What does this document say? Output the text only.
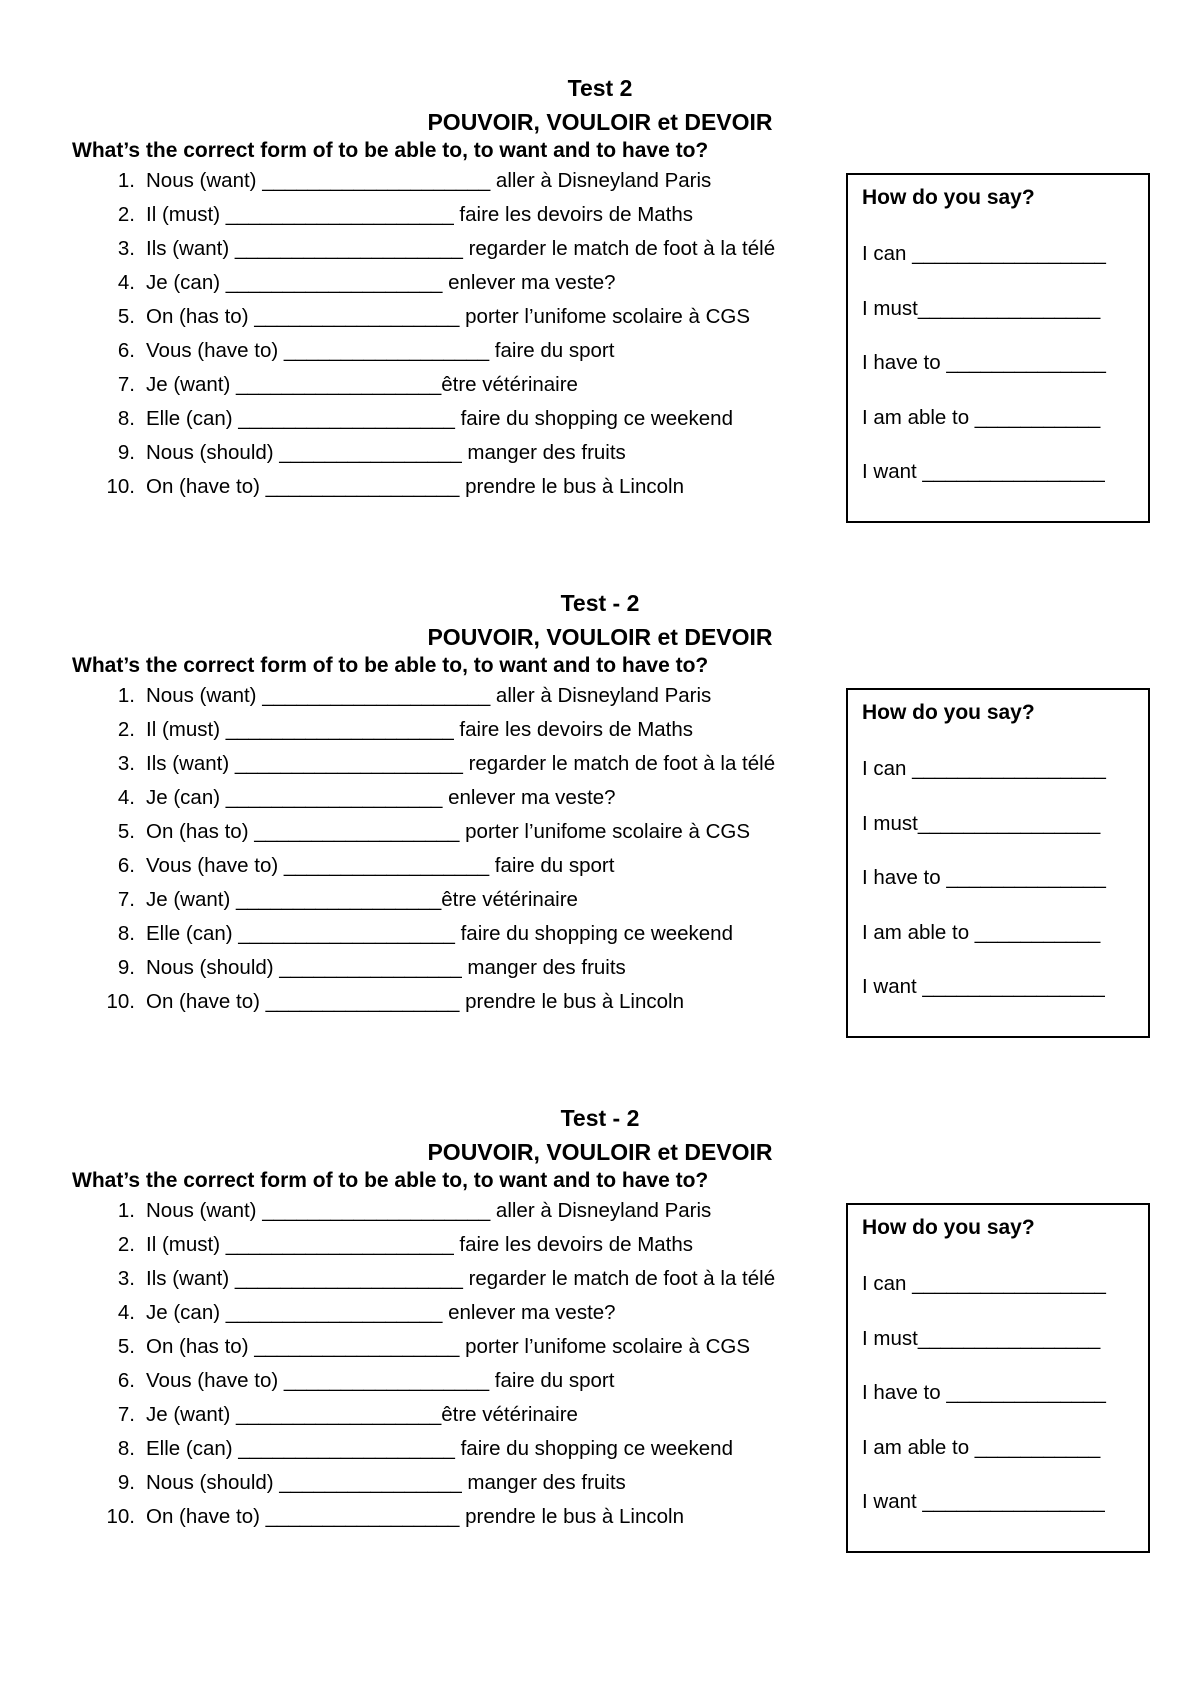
Test 2
POUVOIR, VOULOIR et DEVOIR

What’s the correct form of to be able to, to want and to have to?

1. Nous (want) ____________________ aller à Disneyland Paris
2. Il (must) ____________________ faire les devoirs de Maths
3. Ils (want) ____________________ regarder le match de foot à la télé
4. Je (can) ___________________ enlever ma veste?
5. On (has to) __________________ porter l’unifome scolaire à CGS
6. Vous (have to) __________________ faire du sport
7. Je (want) __________________être vétérinaire
8. Elle (can) ___________________ faire du shopping ce weekend
9. Nous (should) ________________ manger des fruits
10. On (have to) _________________ prendre le bus à Lincoln

How do you say?

I can _________________
I must________________
I have to ______________
I am able to ___________
I want ________________
Test - 2
POUVOIR, VOULOIR et DEVOIR

What’s the correct form of to be able to, to want and to have to?

1. Nous (want) ____________________ aller à Disneyland Paris
2. Il (must) ____________________ faire les devoirs de Maths
3. Ils (want) ____________________ regarder le match de foot à la télé
4. Je (can) ___________________ enlever ma veste?
5. On (has to) __________________ porter l’unifome scolaire à CGS
6. Vous (have to) __________________ faire du sport
7. Je (want) __________________être vétérinaire
8. Elle (can) ___________________ faire du shopping ce weekend
9. Nous (should) ________________ manger des fruits
10. On (have to) _________________ prendre le bus à Lincoln

How do you say?

I can _________________
I must________________
I have to ______________
I am able to ___________
I want ________________
Test - 2
POUVOIR, VOULOIR et DEVOIR

What’s the correct form of to be able to, to want and to have to?

1. Nous (want) ____________________ aller à Disneyland Paris
2. Il (must) ____________________ faire les devoirs de Maths
3. Ils (want) ____________________ regarder le match de foot à la télé
4. Je (can) ___________________ enlever ma veste?
5. On (has to) __________________ porter l’unifome scolaire à CGS
6. Vous (have to) __________________ faire du sport
7. Je (want) __________________être vétérinaire
8. Elle (can) ___________________ faire du shopping ce weekend
9. Nous (should) ________________ manger des fruits
10. On (have to) _________________ prendre le bus à Lincoln

How do you say?

I can _________________
I must________________
I have to ______________
I am able to ___________
I want ________________
